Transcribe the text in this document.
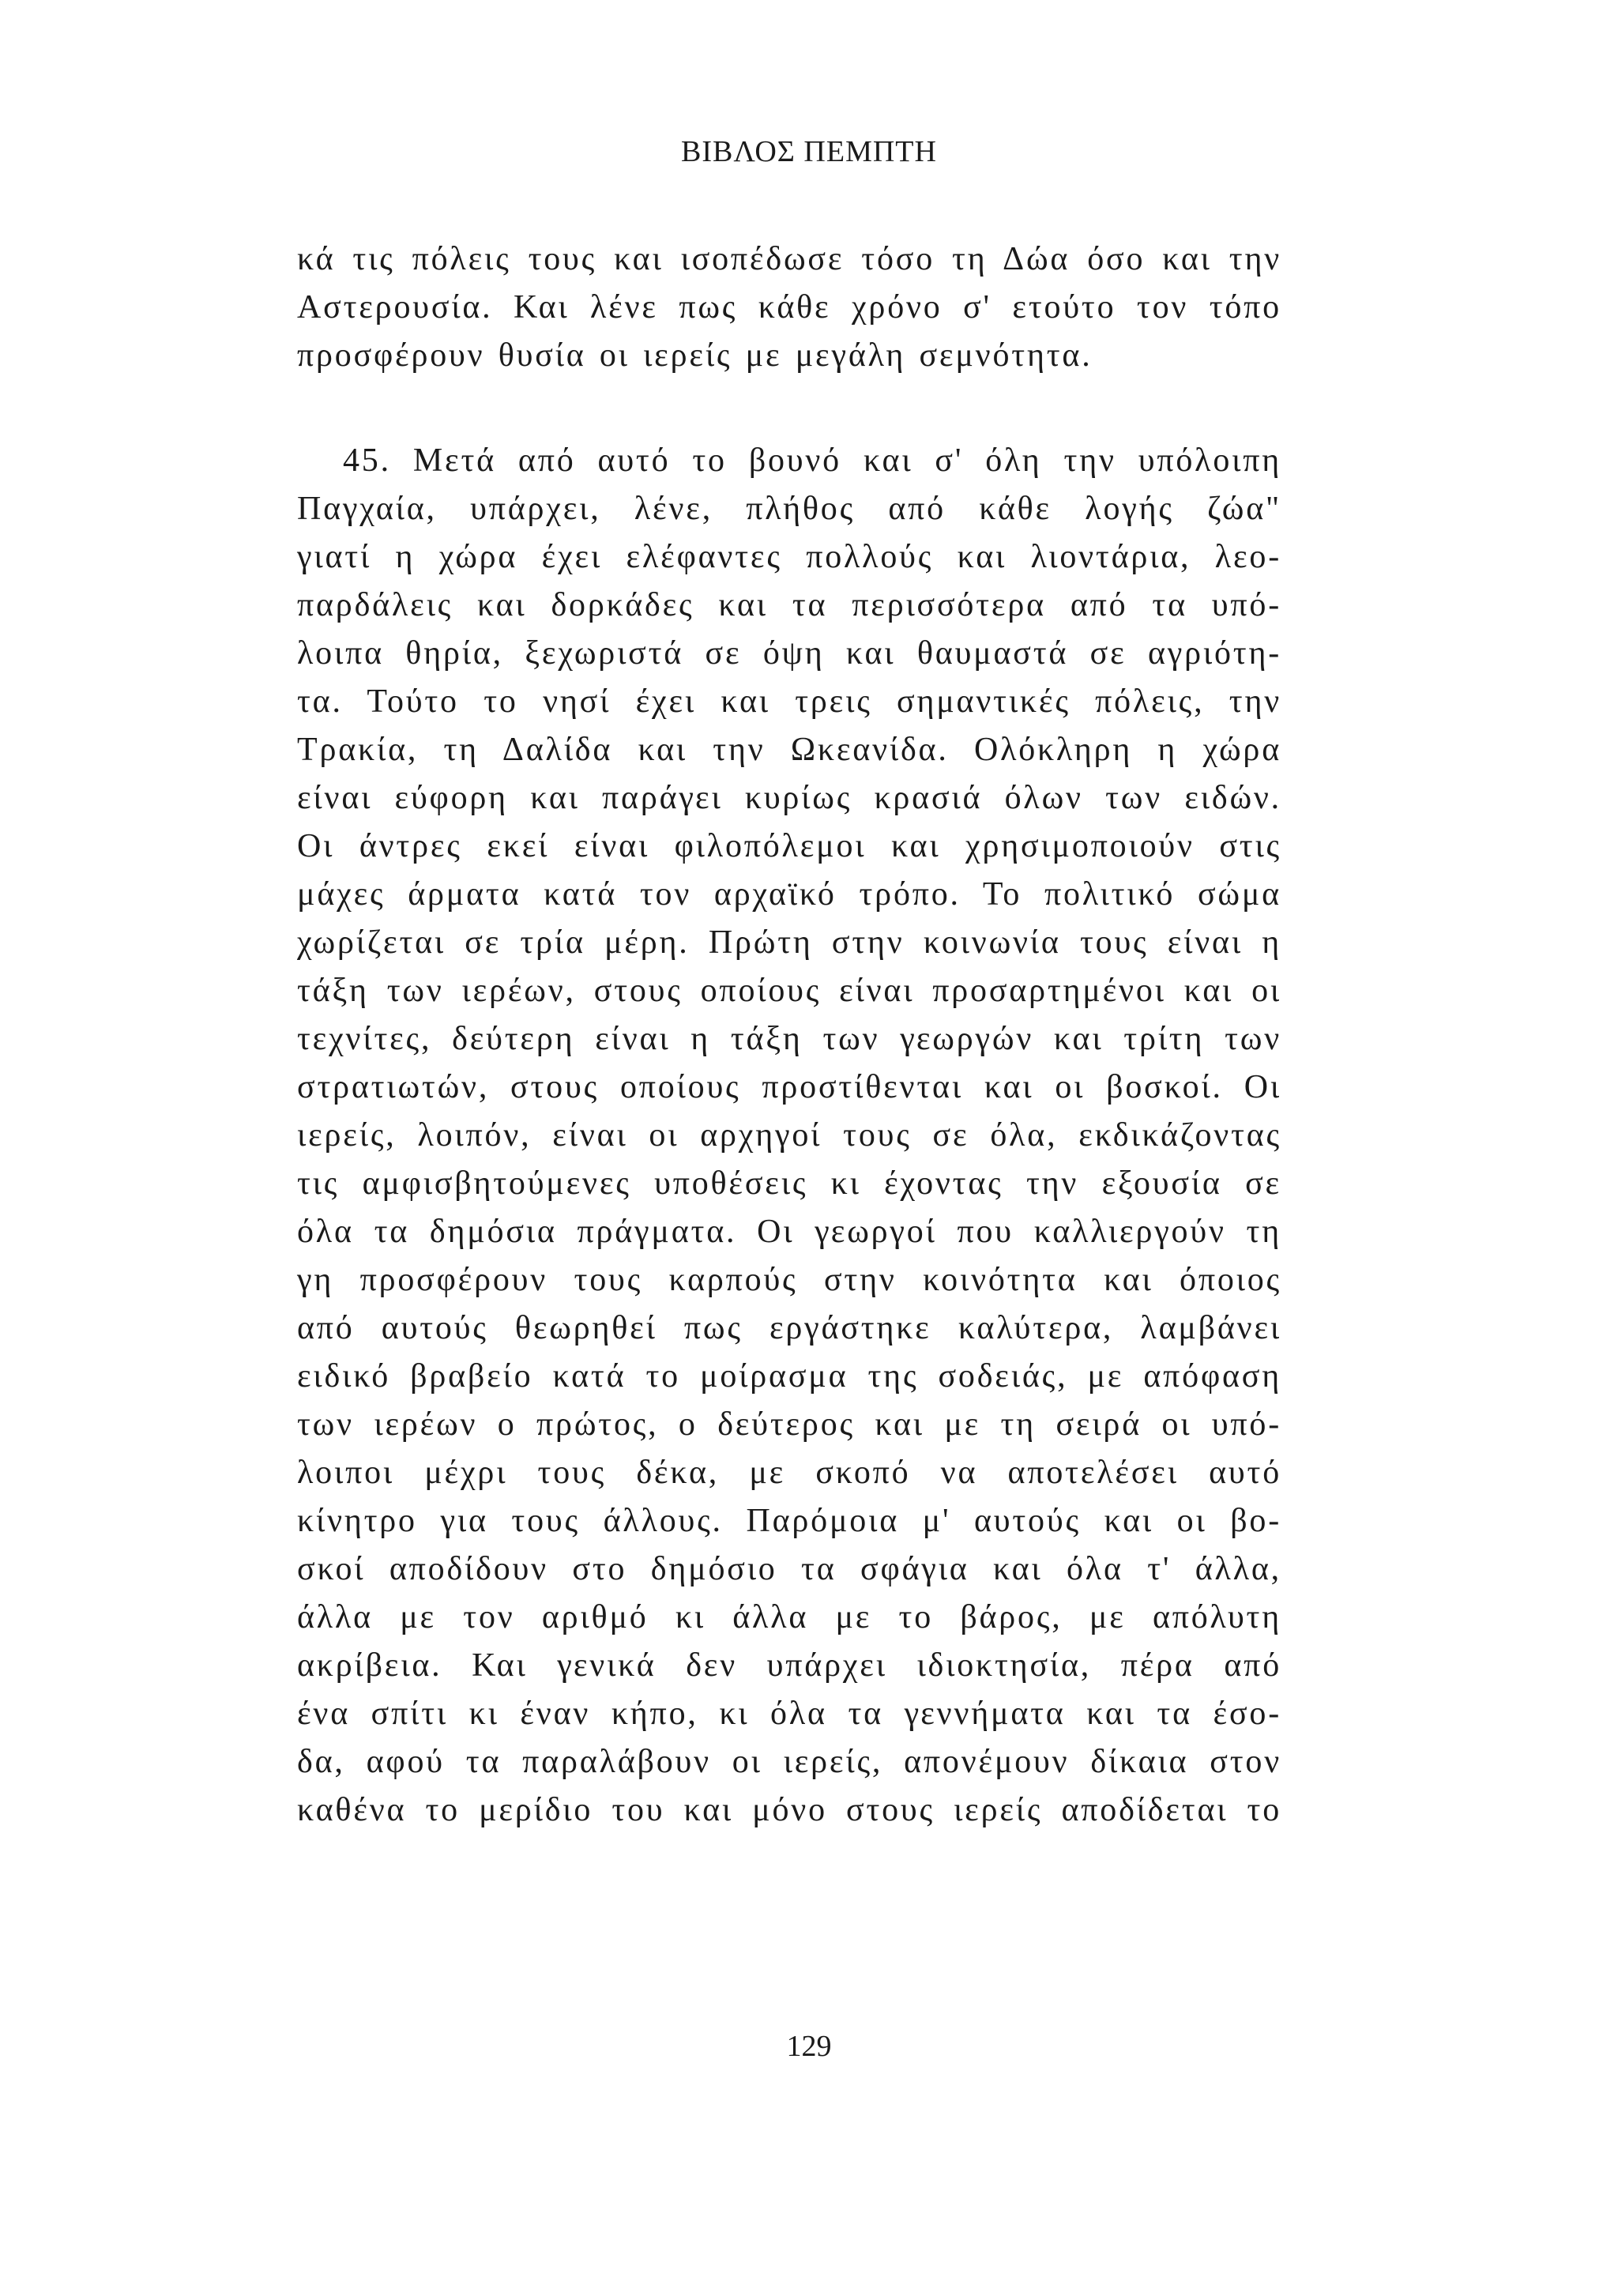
ΒΙΒΛΟΣ ΠΕΜΠΤΗ
κά τις πόλεις τους και ισοπέδωσε τόσο τη Δώα όσο και την
Αστερουσία. Και λένε πως κάθε χρόνο σ' ετούτο τον τόπο
προσφέρουν θυσία οι ιερείς με μεγάλη σεμνότητα.
45. Μετά από αυτό το βουνό και σ' όλη την υπόλοιπη
Παγχαία, υπάρχει, λένε, πλήθος από κάθε λογής ζώα"
γιατί η χώρα έχει ελέφαντες πολλούς και λιοντάρια, λεο-
παρδάλεις και δορκάδες και τα περισσότερα από τα υπό-
λοιπα θηρία, ξεχωριστά σε όψη και θαυμαστά σε αγριότη-
τα. Τούτο το νησί έχει και τρεις σημαντικές πόλεις, την
Τρακία, τη Δαλίδα και την Ωκεανίδα. Ολόκληρη η χώρα
είναι εύφορη και παράγει κυρίως κρασιά όλων των ειδών.
Οι άντρες εκεί είναι φιλοπόλεμοι και χρησιμοποιούν στις
μάχες άρματα κατά τον αρχαϊκό τρόπο. Το πολιτικό σώμα
χωρίζεται σε τρία μέρη. Πρώτη στην κοινωνία τους είναι η
τάξη των ιερέων, στους οποίους είναι προσαρτημένοι και οι
τεχνίτες, δεύτερη είναι η τάξη των γεωργών και τρίτη των
στρατιωτών, στους οποίους προστίθενται και οι βοσκοί. Οι
ιερείς, λοιπόν, είναι οι αρχηγοί τους σε όλα, εκδικάζοντας
τις αμφισβητούμενες υποθέσεις κι έχοντας την εξουσία σε
όλα τα δημόσια πράγματα. Οι γεωργοί που καλλιεργούν τη
γη προσφέρουν τους καρπούς στην κοινότητα και όποιος
από αυτούς θεωρηθεί πως εργάστηκε καλύτερα, λαμβάνει
ειδικό βραβείο κατά το μοίρασμα της σοδειάς, με απόφαση
των ιερέων ο πρώτος, ο δεύτερος και με τη σειρά οι υπό-
λοιποι μέχρι τους δέκα, με σκοπό να αποτελέσει αυτό
κίνητρο για τους άλλους. Παρόμοια μ' αυτούς και οι βο-
σκοί αποδίδουν στο δημόσιο τα σφάγια και όλα τ' άλλα,
άλλα με τον αριθμό κι άλλα με το βάρος, με απόλυτη
ακρίβεια. Και γενικά δεν υπάρχει ιδιοκτησία, πέρα από
ένα σπίτι κι έναν κήπο, κι όλα τα γεννήματα και τα έσο-
δα, αφού τα παραλάβουν οι ιερείς, απονέμουν δίκαια στον
καθένα το μερίδιο του και μόνο στους ιερείς αποδίδεται το
129
